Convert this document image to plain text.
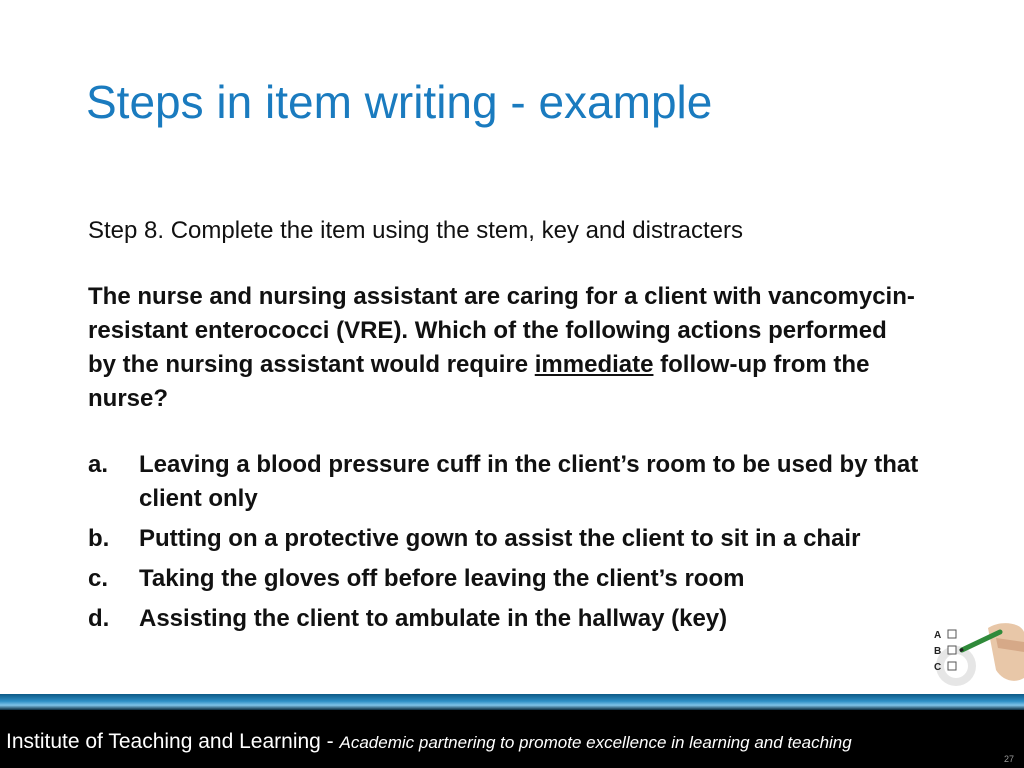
Steps in item writing - example
Step 8. Complete the item using the stem, key and distracters
The nurse and nursing assistant are caring for a client with vancomycin-resistant enterococci (VRE). Which of the following actions performed by the nursing assistant would require immediate follow-up from the nurse?
a. Leaving a blood pressure cuff in the client’s room to be used by that client only
b. Putting on a protective gown to assist the client to sit in a chair
c. Taking the gloves off before leaving the client’s room
d. Assisting the client to ambulate in the hallway (key)
A
B
C
Institute of Teaching and Learning - Academic partnering to promote excellence in learning and teaching
27
